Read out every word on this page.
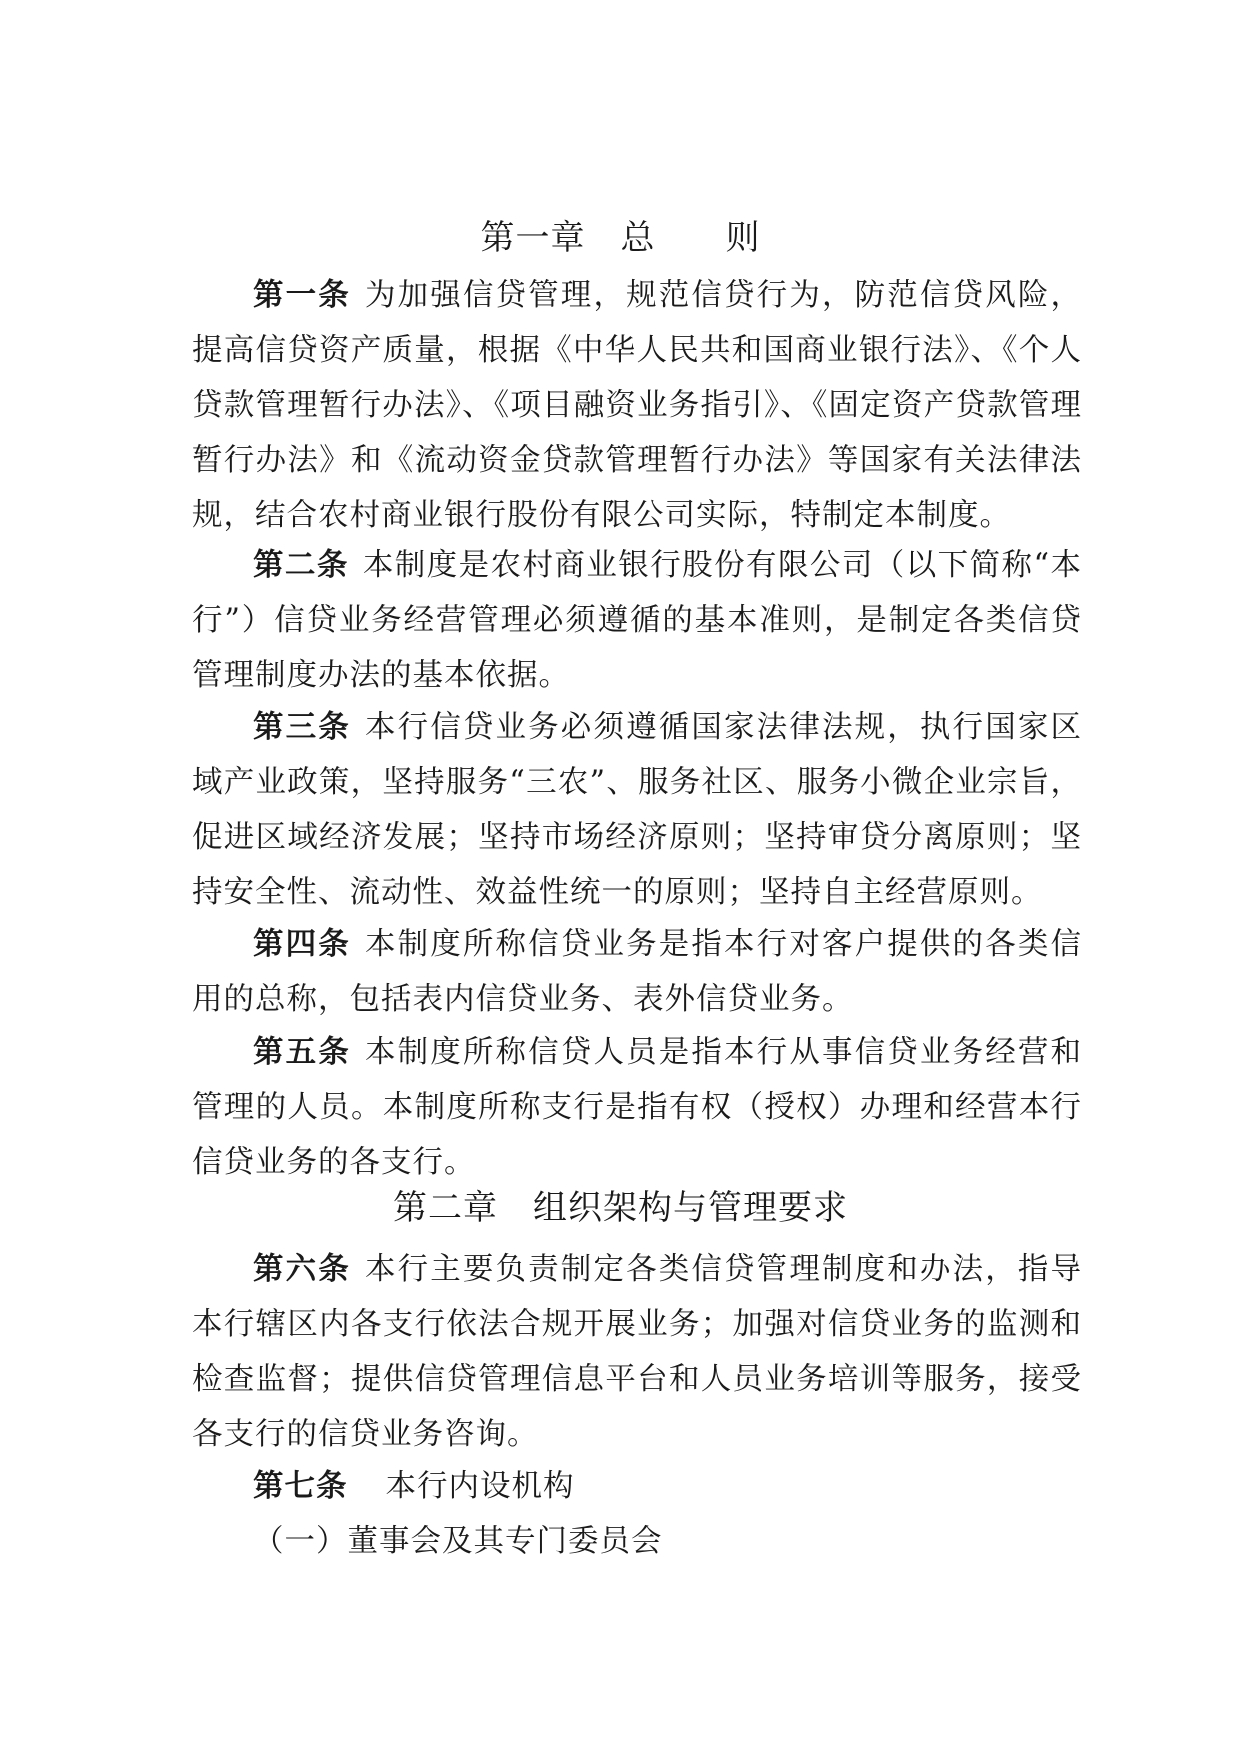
第一章　总　　则
第一条 为加强信贷管理，规范信贷行为，防范信贷风险，提高信贷资产质量，根据《中华人民共和国商业银行法》、《个人贷款管理暂行办法》、《项目融资业务指引》、《固定资产贷款管理暂行办法》和《流动资金贷款管理暂行办法》等国家有关法律法规，结合农村商业银行股份有限公司实际，特制定本制度。
第二条 本制度是农村商业银行股份有限公司（以下简称“本行”）信贷业务经营管理必须遵循的基本准则，是制定各类信贷管理制度办法的基本依据。
第三条 本行信贷业务必须遵循国家法律法规，执行国家区域产业政策，坚持服务“三农”、服务社区、服务小微企业宗旨，促进区域经济发展；坚持市场经济原则；坚持审贷分离原则；坚持安全性、流动性、效益性统一的原则；坚持自主经营原则。
第四条 本制度所称信贷业务是指本行对客户提供的各类信用的总称，包括表内信贷业务、表外信贷业务。
第五条 本制度所称信贷人员是指本行从事信贷业务经营和管理的人员。本制度所称支行是指有权（授权）办理和经营本行信贷业务的各支行。
第二章　组织架构与管理要求
第六条 本行主要负责制定各类信贷管理制度和办法，指导本行辖区内各支行依法合规开展业务；加强对信贷业务的监测和检查监督；提供信贷管理信息平台和人员业务培训等服务，接受各支行的信贷业务咨询。
第七条 本行内设机构
（一）董事会及其专门委员会
